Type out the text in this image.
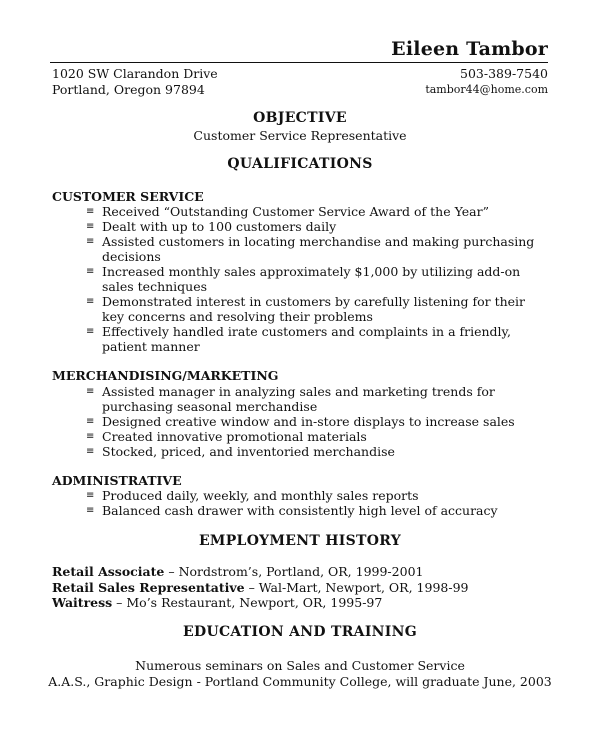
Eileen Tambor
1020 SW Clarandon Drive
Portland, Oregon 97894
503-389-7540
tambor44@home.com
OBJECTIVE
Customer Service Representative
QUALIFICATIONS
CUSTOMER SERVICE
≡ Received “Outstanding Customer Service Award of the Year”
≡ Dealt with up to 100 customers daily
≡ Assisted customers in locating merchandise and making purchasing decisions
≡ Increased monthly sales approximately $1,000 by utilizing add-on sales techniques
≡ Demonstrated interest in customers by carefully listening for their key concerns and resolving their problems
≡ Effectively handled irate customers and complaints in a friendly, patient manner
MERCHANDISING/MARKETING
≡ Assisted manager in analyzing sales and marketing trends for purchasing seasonal merchandise
≡ Designed creative window and in-store displays to increase sales
≡ Created innovative promotional materials
≡ Stocked, priced, and inventoried merchandise
ADMINISTRATIVE
≡ Produced daily, weekly, and monthly sales reports
≡ Balanced cash drawer with consistently high level of accuracy
EMPLOYMENT HISTORY
Retail Associate – Nordstrom’s, Portland, OR, 1999-2001
Retail Sales Representative – Wal-Mart, Newport, OR, 1998-99
Waitress – Mo’s Restaurant, Newport, OR, 1995-97
EDUCATION AND TRAINING
Numerous seminars on Sales and Customer Service
A.A.S., Graphic Design - Portland Community College, will graduate June, 2003
